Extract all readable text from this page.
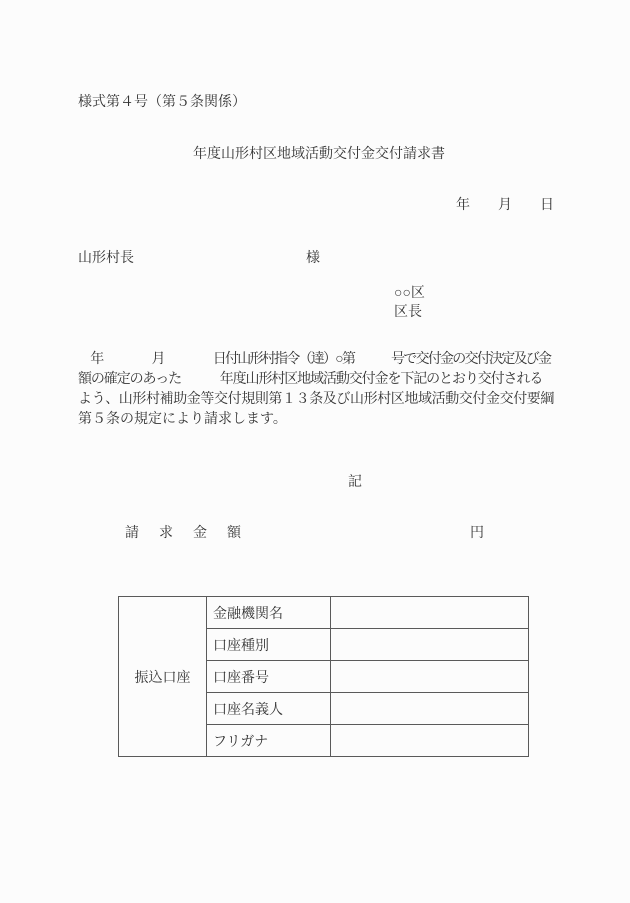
様式第４号（第５条関係）
年度山形村区地域活動交付金交付請求書
年　　月　　日
山形村長	様
○○区
区長
　年　　　　月　　　　日付山形村指令（達）○第　　　号で交付金の交付決定及び金
額の確定のあった　　　年度山形村区地域活動交付金を下記のとおり交付される
よう、山形村補助金等交付規則第１３条及び山形村区地域活動交付金交付要綱
第５条の規定により請求します。
記
請求金額	円
振込口座	金融機関名	
	口座種別	
	口座番号	
	口座名義人	
	フリガナ	
